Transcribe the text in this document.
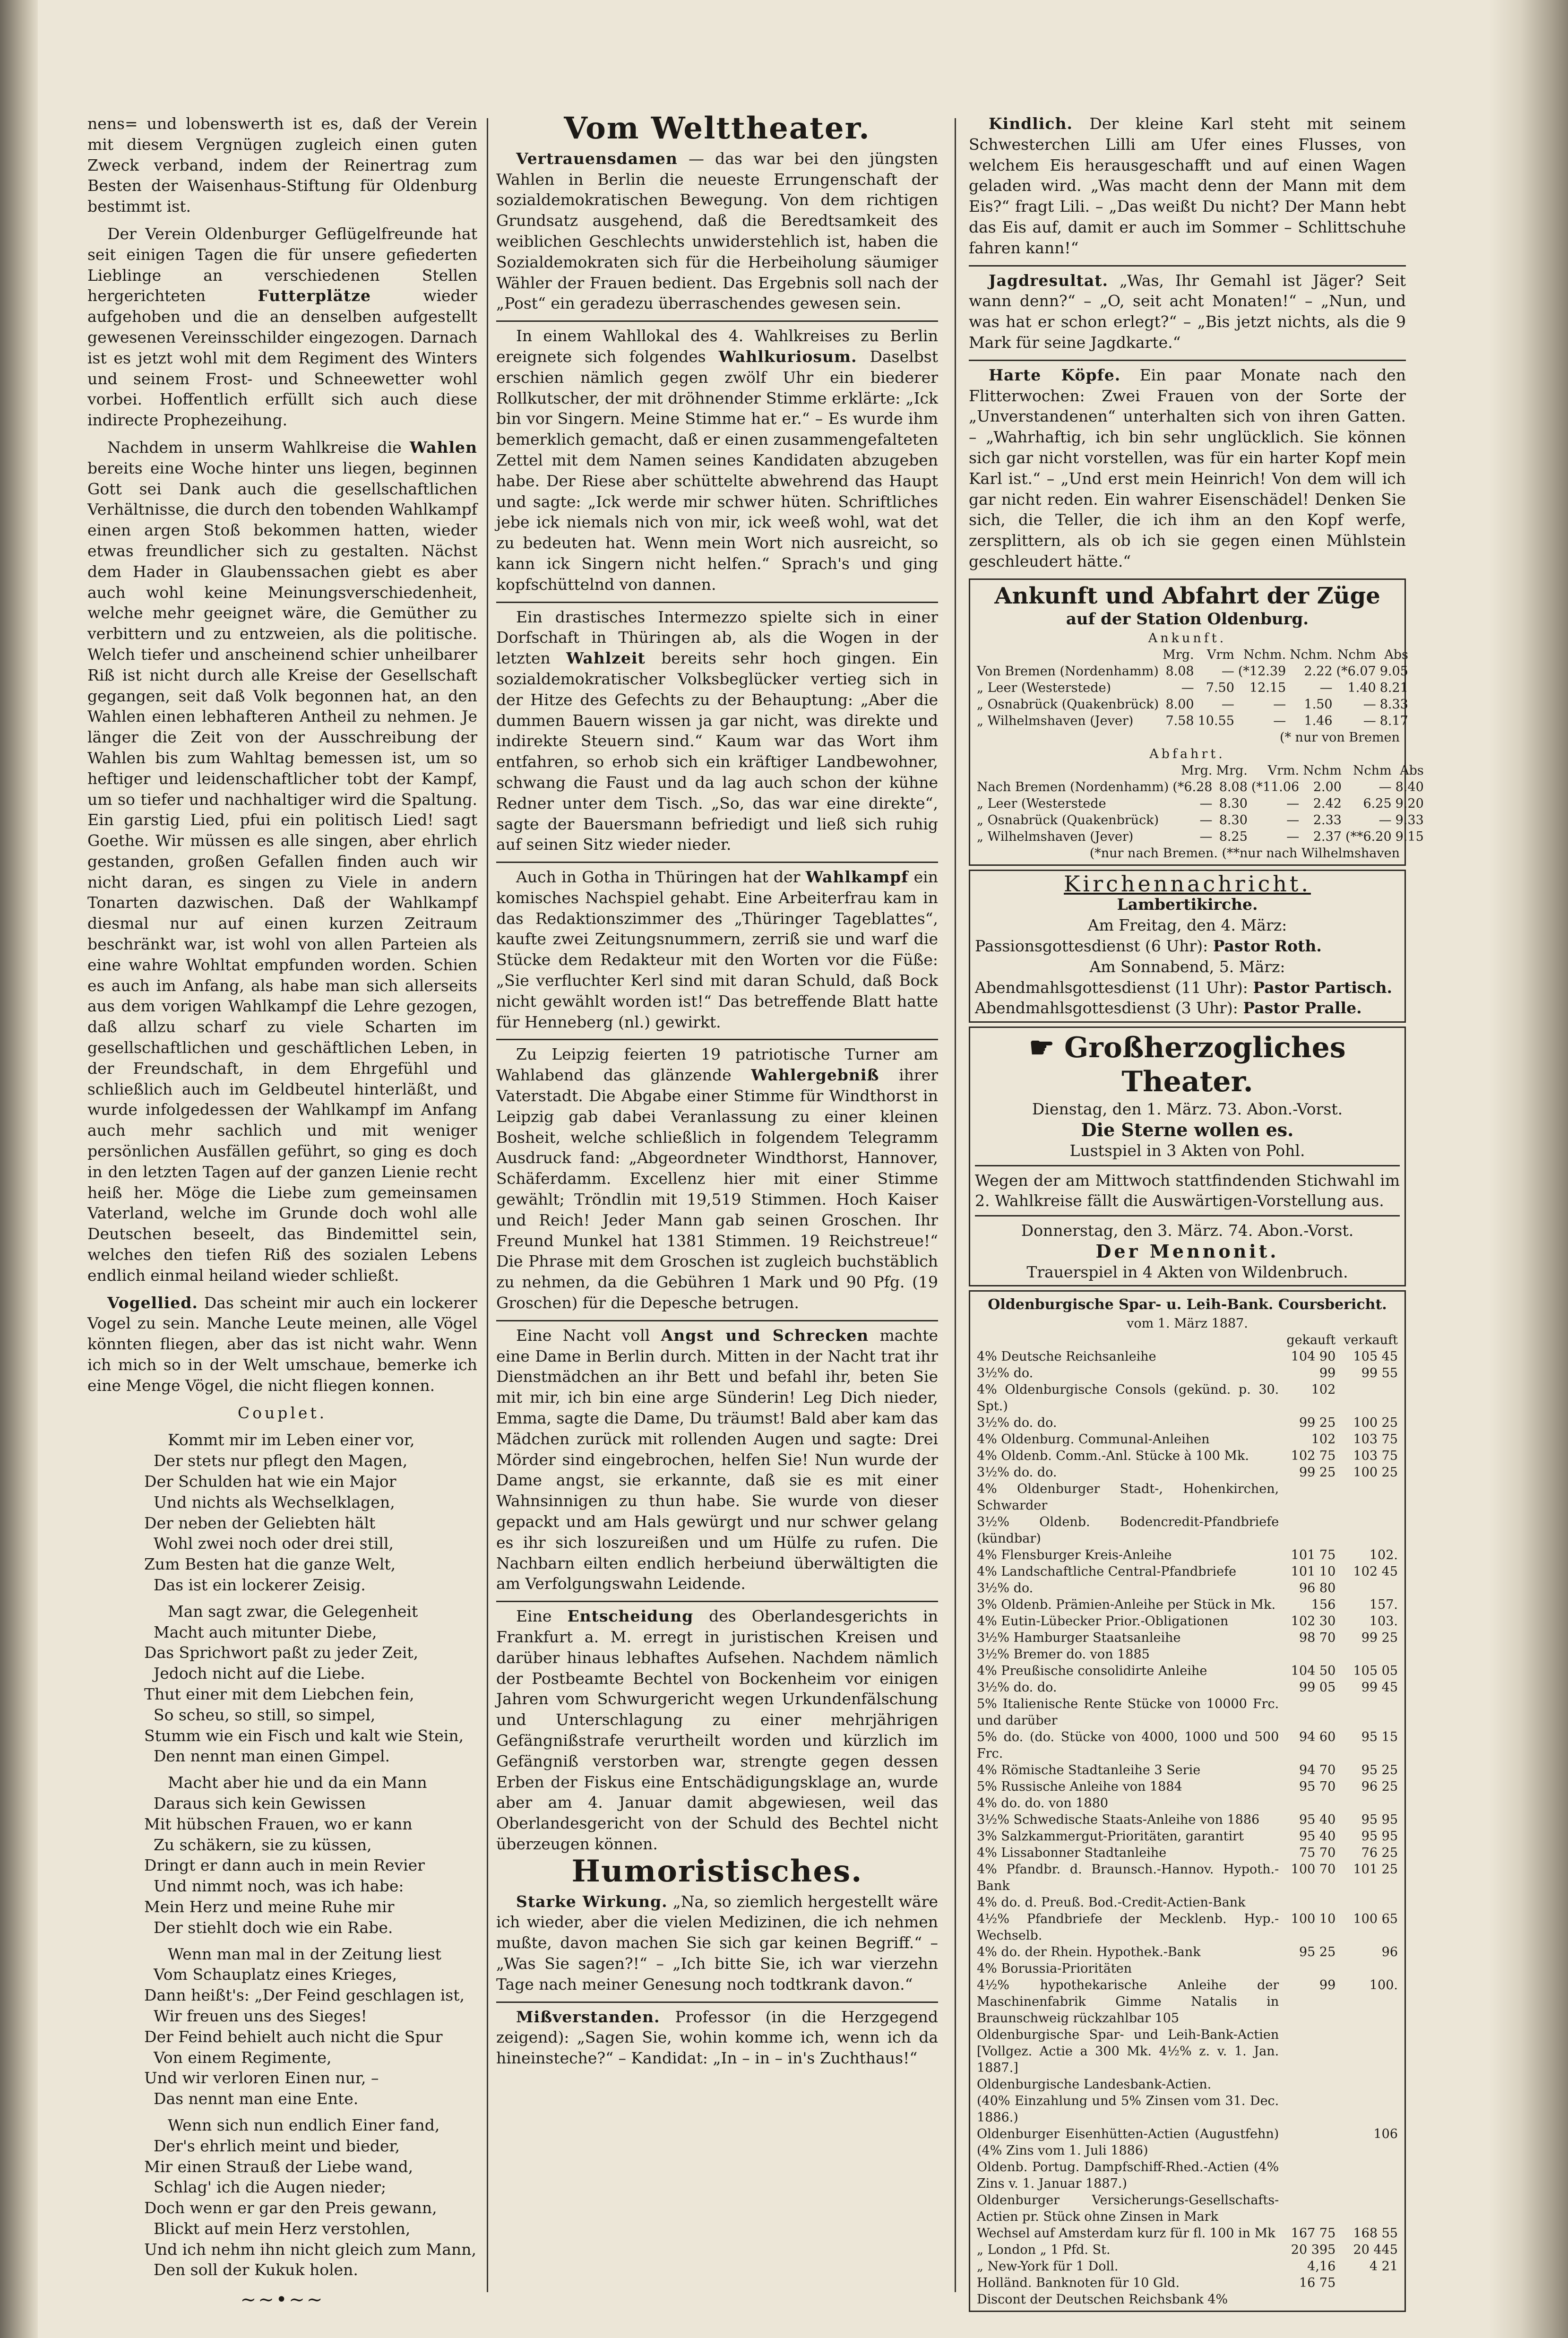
nens= und lobenswerth ist es, daß der Verein mit diesem Vergnügen zugleich einen guten Zweck verband, indem der Reinertrag zum Besten der Waisenhaus-Stiftung für Oldenburg bestimmt ist.

Der Verein Oldenburger Geflügelfreunde hat seit einigen Tagen die für unsere gefiederten Lieblinge an verschiedenen Stellen hergerichteten	Futterplätze	wieder aufgehoben und die an denselben aufgestellt gewesenen Vereinsschilder eingezogen. Darnach ist es jetzt wohl mit dem Regiment des Winters und seinem Frost- und Schneewetter wohl vorbei. Hoffentlich erfüllt sich auch diese indirecte Prophezeihung.

Nachdem in unserm Wahlkreise die Wahlen bereits eine Woche hinter uns liegen, beginnen Gott sei Dank auch die gesellschaftlichen Verhältnisse, die durch den tobenden Wahlkampf einen argen Stoß bekommen hatten, wieder etwas freundlicher sich zu gestalten. Nächst dem Hader in Glaubenssachen giebt es aber auch wohl keine Meinungsverschiedenheit, welche mehr geeignet wäre, die Gemüther zu verbittern und zu entzweien, als die politische. Welch tiefer und anscheinend schier unheilbarer Riß ist nicht durch alle Kreise der Gesellschaft gegangen, seit daß Volk begonnen hat, an den Wahlen einen lebhafteren Antheil zu nehmen. Je länger die Zeit von der Ausschreibung der Wahlen bis zum Wahltag bemessen ist, um so heftiger und leidenschaftlicher tobt der Kampf, um so tiefer und nachhaltiger wird die Spaltung. Ein garstig Lied, pfui ein politisch Lied! sagt Goethe. Wir müssen es alle singen, aber ehrlich gestanden, großen Gefallen finden auch wir nicht daran, es singen zu Viele in andern Tonarten dazwischen. Daß der Wahlkampf diesmal nur auf einen kurzen Zeitraum beschränkt war, ist wohl von allen Parteien als eine wahre Wohltat empfunden worden. Schien es auch im Anfang, als habe man sich allerseits aus dem vorigen Wahlkampf die Lehre gezogen, daß allzu scharf zu viele Scharten im gesellschaftlichen und geschäftlichen Leben, in der Freundschaft, in dem Ehrgefühl und schließlich auch im Geldbeutel hinterläßt, und wurde infolgedessen der Wahlkampf im Anfang auch mehr sachlich und mit weniger persönlichen Ausfällen geführt, so ging es doch in den letzten Tagen auf der ganzen Lienie recht heiß her. Möge die Liebe zum gemeinsamen Vaterland, welche im Grunde doch wohl alle Deutschen beseelt, das Bindemittel sein, welches den tiefen Riß des sozialen Lebens endlich einmal heiland wieder schließt.

Vogellied. Das scheint mir auch ein lockerer Vogel zu sein. Manche Leute meinen, alle Vögel könnten fliegen, aber das ist nicht wahr. Wenn ich mich so in der Welt umschaue, bemerke ich eine Menge Vögel, die nicht fliegen konnen.

Couplet.

Kommt mir im Leben einer vor,
Der stets nur pflegt den Magen,
Der Schulden hat wie ein Major
Und nichts als Wechselklagen,
Der neben der Geliebten hält
Wohl zwei noch oder drei still,
Zum Besten hat die ganze Welt,
Das ist ein lockerer Zeisig.
Man sagt zwar, die Gelegenheit
Macht auch mitunter Diebe,
Das Sprichwort paßt zu jeder Zeit,
Jedoch nicht auf die Liebe.
Thut einer mit dem Liebchen fein,
So scheu, so still, so simpel,
Stumm wie ein Fisch und kalt wie Stein,
Den nennt man einen Gimpel.
Macht aber hie und da ein Mann
Daraus sich kein Gewissen
Mit hübschen Frauen, wo er kann
Zu schäkern, sie zu küssen,
Dringt er dann auch in mein Revier
Und nimmt noch, was ich habe:
Mein Herz und meine Ruhe mir
Der stiehlt doch wie ein Rabe.
Wenn man mal in der Zeitung liest
Vom Schauplatz eines Krieges,
Dann heißt's: „Der Feind geschlagen ist,
Wir freuen uns des Sieges!
Der Feind behielt auch nicht die Spur
Von einem Regimente,
Und wir verloren Einen nur, –
Das nennt man eine Ente.
Wenn sich nun endlich Einer fand,
Der's ehrlich meint und bieder,
Mir einen Strauß der Liebe wand,
Schlag' ich die Augen nieder;
Doch wenn er gar den Preis gewann,
Blickt auf mein Herz verstohlen,
Und ich nehm ihn nicht gleich zum Mann,
Den soll der Kukuk holen.
~~•~~
Vom Welttheater.

Vertrauensdamen — das war bei den jüngsten Wahlen in Berlin die neueste Errungenschaft der sozialdemokratischen Bewegung. Von dem richtigen Grundsatz ausgehend, daß die Beredtsamkeit des weiblichen Geschlechts unwiderstehlich ist, haben die Sozialdemokraten sich für die Herbeiholung säumiger Wähler der Frauen bedient. Das Ergebnis soll nach der „Post“ ein geradezu überraschendes gewesen sein.

In einem Wahllokal des 4. Wahlkreises zu Berlin ereignete sich folgendes Wahlkuriosum. Daselbst erschien nämlich gegen zwölf Uhr ein biederer Rollkutscher, der mit dröhnender Stimme erklärte: „Ick bin vor Singern. Meine Stimme hat er.“ – Es wurde ihm bemerklich gemacht, daß er einen zusammengefalteten Zettel mit dem Namen seines Kandidaten abzugeben habe. Der Riese aber schüttelte abwehrend das Haupt und sagte: „Ick werde mir schwer hüten. Schriftliches jebe ick niemals nich von mir, ick weeß wohl, wat det zu bedeuten hat. Wenn mein Wort nich ausreicht, so kann ick Singern nicht helfen.“ Sprach's und ging kopfschüttelnd von dannen.

Ein drastisches Intermezzo spielte sich in einer Dorfschaft in Thüringen ab, als die Wogen in der letzten Wahlzeit bereits sehr hoch gingen. Ein sozialdemokratischer Volksbeglücker vertieg sich in der Hitze des Gefechts zu der Behauptung: „Aber die dummen Bauern wissen ja gar nicht, was direkte und indirekte Steuern sind.“ Kaum war das Wort ihm entfahren, so erhob sich ein kräftiger Landbewohner, schwang die Faust und da lag auch schon der kühne Redner unter dem Tisch. „So, das war eine direkte“, sagte der Bauersmann befriedigt und ließ sich ruhig auf seinen Sitz wieder nieder.

Auch in Gotha in Thüringen hat der Wahlkampf ein komisches Nachspiel gehabt. Eine Arbeiterfrau kam in das Redaktionszimmer des „Thüringer Tageblattes“, kaufte zwei Zeitungsnummern, zerriß sie und warf die Stücke dem Redakteur mit den Worten vor die Füße: „Sie verfluchter Kerl sind mit daran Schuld, daß Bock nicht gewählt worden ist!“ Das betreffende Blatt hatte für Henneberg (nl.) gewirkt.

Zu Leipzig feierten 19 patriotische Turner am Wahlabend das glänzende Wahlergebniß ihrer Vaterstadt. Die Abgabe einer Stimme für Windthorst in Leipzig gab dabei Veranlassung zu einer kleinen Bosheit, welche schließlich in folgendem Telegramm Ausdruck fand: „Abgeordneter Windthorst, Hannover, Schäferdamm. Excellenz hier mit einer Stimme gewählt; Tröndlin mit 19,519 Stimmen. Hoch Kaiser und Reich! Jeder Mann gab seinen Groschen. Ihr Freund Munkel hat 1381 Stimmen. 19 Reichstreue!“ Die Phrase mit dem Groschen ist zugleich buchstäblich zu nehmen, da die Gebühren 1 Mark und 90 Pfg. (19 Groschen) für die Depesche betrugen.

Eine Nacht voll Angst und Schrecken machte eine Dame in Berlin durch. Mitten in der Nacht trat ihr Dienstmädchen an ihr Bett und befahl ihr, beten Sie mit mir, ich bin eine arge Sünderin! Leg Dich nieder, Emma, sagte die Dame, Du träumst! Bald aber kam das Mädchen zurück mit rollenden Augen und sagte: Drei Mörder sind eingebrochen, helfen Sie! Nun wurde der Dame angst, sie erkannte, daß sie es mit einer Wahnsinnigen zu thun habe. Sie wurde von dieser gepackt und am Hals gewürgt und nur schwer gelang es ihr sich loszureißen und um Hülfe zu rufen. Die Nachbarn eilten endlich herbeiund überwältigten die am Verfolgungswahn Leidende.

Eine Entscheidung des Oberlandesgerichts in Frankfurt a. M. erregt in juristischen Kreisen und darüber hinaus lebhaftes Aufsehen. Nachdem nämlich der Postbeamte Bechtel von Bockenheim vor einigen Jahren vom Schwurgericht wegen Urkundenfälschung und Unterschlagung zu einer mehrjährigen Gefängnißstrafe verurtheilt worden und kürzlich im Gefängniß verstorben war, strengte gegen dessen Erben der Fiskus eine Entschädigungsklage an, wurde aber am 4. Januar damit abgewiesen, weil das Oberlandesgericht von der Schuld des Bechtel nicht überzeugen können.

Humoristisches.

Starke Wirkung. „Na, so ziemlich hergestellt wäre ich wieder, aber die vielen Medizinen, die ich nehmen mußte, davon machen Sie sich gar keinen Begriff.“ – „Was Sie sagen?!“ – „Ich bitte Sie, ich war vierzehn Tage nach meiner Genesung noch todtkrank davon.“

Mißverstanden. Professor (in die Herzgegend zeigend): „Sagen Sie, wohin komme ich, wenn ich da hineinsteche?“ – Kandidat: „In – in – in's Zuchthaus!“

Kindlich. Der kleine Karl steht mit seinem Schwesterchen Lilli am Ufer eines Flusses, von welchem Eis herausgeschafft und auf einen Wagen geladen wird. „Was macht denn der Mann mit dem Eis?“ fragt Lili. – „Das weißt Du nicht? Der Mann hebt das Eis auf, damit er auch im Sommer – Schlittschuhe fahren kann!“

Jagdresultat. „Was, Ihr Gemahl ist Jäger? Seit wann denn?“ – „O, seit acht Monaten!“ – „Nun, und was hat er schon erlegt?“ – „Bis jetzt nichts, als die 9 Mark für seine Jagdkarte.“

Harte Köpfe. Ein paar Monate nach den Flitterwochen: Zwei Frauen von der Sorte der „Unverstandenen“ unterhalten sich von ihren Gatten. – „Wahrhaftig, ich bin sehr unglücklich. Sie können sich gar nicht vorstellen, was für ein harter Kopf mein Karl ist.“ – „Und erst mein Heinrich! Von dem will ich gar nicht reden. Ein wahrer Eisenschädel! Denken Sie sich, die Teller, die ich ihm an den Kopf werfe, zersplittern, als ob ich sie gegen einen Mühlstein geschleudert hätte.“

Ankunft und Abfahrt der Züge
auf der Station Oldenburg.
Ankunft.
	Mrg.	Vrm	Nchm.	Nchm.	Nchm	Abs
Von Bremen (Nordenhamm)	8.08	—	(*12.39	2.22	(*6.07	9.05
„ Leer (Westerstede)	—	7.50	12.15	—	1.40	8.21
„ Osnabrück (Quakenbrück)	8.00	—	—	1.50	—	8.33
„ Wilhelmshaven (Jever)	7.58	10.55	—	1.46	—	8.17
(* nur von Bremen
Abfahrt.
	Mrg.	Mrg.	Vrm.	Nchm	Nchm	Abs
Nach Bremen (Nordenhamm)	(*6.28	8.08	(*11.06	2.00	—	8.40
„ Leer (Westerstede	—	8.30	—	2.42	6.25	9.20
„ Osnabrück (Quakenbrück)	—	8.30	—	2.33	—	9.33
„ Wilhelmshaven (Jever)	—	8.25	—	2.37	(**6.20	9.15
(*nur nach Bremen. (**nur nach Wilhelmshaven
Kirchennachricht.
Lambertikirche.
Am Freitag, den 4. März:
Passionsgottesdienst (6 Uhr): Pastor Roth.
Am Sonnabend, 5. März:
Abendmahlsgottesdienst (11 Uhr): Pastor Partisch.
Abendmahlsgottesdienst (3 Uhr): Pastor Pralle.
☛ Großherzogliches Theater.
Dienstag, den 1. März. 73. Abon.-Vorst.
Die Sterne wollen es.
Lustspiel in 3 Akten von Pohl.
Wegen der am Mittwoch stattfindenden Stichwahl im 2. Wahlkreise fällt die Auswärtigen-Vorstellung aus.
Donnerstag, den 3. März. 74. Abon.-Vorst.
Der Mennonit.
Trauerspiel in 4 Akten von Wildenbruch.
Oldenburgische Spar- u. Leih-Bank. Coursbericht.
vom 1. März 1887.
	gekauft	verkauft
4% Deutsche Reichsanleihe	104 90	105 45
3½% do.	99	99 55
4% Oldenburgische Consols (gekünd. p. 30. Spt.)	102	
3½% do. do.	99 25	100 25
4% Oldenburg. Communal-Anleihen	102	103 75
4% Oldenb. Comm.-Anl. Stücke à 100 Mk.	102 75	103 75
3½% do. do.	99 25	100 25
4% Oldenburger Stadt-, Hohenkirchen, Schwarder		
3½% Oldenb. Bodencredit-Pfandbriefe (kündbar)		
4% Flensburger Kreis-Anleihe	101 75	102.
4% Landschaftliche Central-Pfandbriefe	101 10	102 45
3½% do.	96 80	
3% Oldenb. Prämien-Anleihe per Stück in Mk.	156	157.
4% Eutin-Lübecker Prior.-Obligationen	102 30	103.
3½% Hamburger Staatsanleihe	98 70	99 25
3½% Bremer do. von 1885		
4% Preußische consolidirte Anleihe	104 50	105 05
3½% do. do.	99 05	99 45
5% Italienische Rente Stücke von 10000 Frc. und darüber		
5% do. (do. Stücke von 4000, 1000 und 500 Frc.	94 60	95 15
4% Römische Stadtanleihe 3 Serie	94 70	95 25
5% Russische Anleihe von 1884	95 70	96 25
4% do. do. von 1880		
3½% Schwedische Staats-Anleihe von 1886	95 40	95 95
3% Salzkammergut-Prioritäten, garantirt	95 40	95 95
4% Lissabonner Stadtanleihe	75 70	76 25
4% Pfandbr. d. Braunsch.-Hannov. Hypoth.-Bank	100 70	101 25
4% do. d. Preuß. Bod.-Credit-Actien-Bank		
4½% Pfandbriefe der Mecklenb. Hyp.-Wechselb.	100 10	100 65
4% do. der Rhein. Hypothek.-Bank	95 25	96
4% Borussia-Prioritäten		
4½% hypothekarische Anleihe der Maschinenfabrik Gimme Natalis in Braunschweig rückzahlbar 105	99	100.
Oldenburgische Spar- und Leih-Bank-Actien [Vollgez. Actie a 300 Mk. 4½% z. v. 1. Jan. 1887.]		
Oldenburgische Landesbank-Actien.		
(40% Einzahlung und 5% Zinsen vom 31. Dec. 1886.)		
Oldenburger Eisenhütten-Actien (Augustfehn) (4% Zins vom 1. Juli 1886)		106
Oldenb. Portug. Dampfschiff-Rhed.-Actien (4% Zins v. 1. Januar 1887.)		
Oldenburger Versicherungs-Gesellschafts-Actien pr. Stück ohne Zinsen in Mark		
Wechsel auf Amsterdam kurz für fl. 100 in Mk	167 75	168 55
„ London „ 1 Pfd. St.	20 395	20 445
„ New-York für 1 Doll.	4,16	4 21
Holländ. Banknoten für 10 Gld.	16 75	
Discont der Deutschen Reichsbank 4%		
